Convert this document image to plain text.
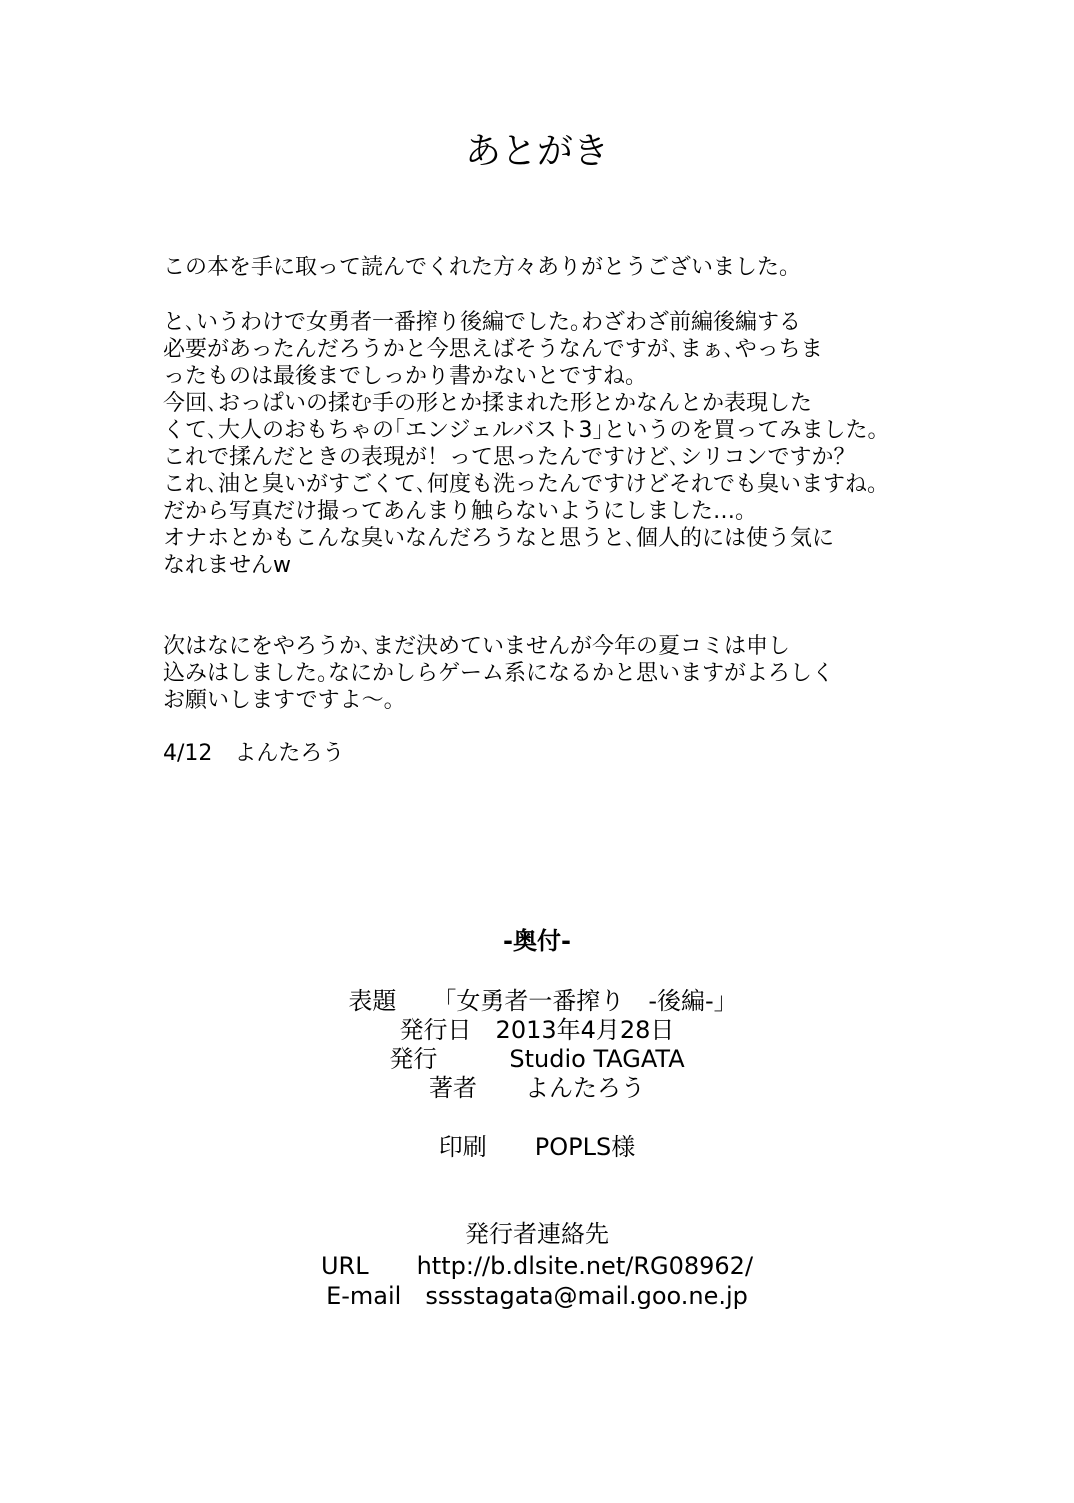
あとがき

この本を手に取って読んでくれた方々ありがとうございました。

と､いうわけで女勇者一番搾り後編でした｡わざわざ前編後編する

必要があったんだろうかと今思えばそうなんですが､まぁ､やっちま

ったものは最後までしっかり書かないとですね。

今回､おっぱいの揉む手の形とか揉まれた形とかなんとか表現した

くて､大人のおもちゃの｢エンジェルバスト3｣というのを買ってみました。

これで揉んだときの表現が！って思ったんですけど､シリコンですか？

これ､油と臭いがすごくて､何度も洗ったんですけどそれでも臭いますね。

だから写真だけ撮ってあんまり触らないようにしました…。

オナホとかもこんな臭いなんだろうなと思うと､個人的には使う気に

なれませんw

次はなにをやろうか､まだ決めていませんが今年の夏コミは申し

込みはしました｡なにかしらゲーム系になるかと思いますがよろしく

お願いしますですよ～。

4/12　よんたろう

-奥付-
表題　　 ｢女勇者一番搾り　-後編-｣
発行日　 2013年4月28日
発行　　　	Studio TAGATA
著者　　 よんたろう
印刷　　 POPLS様
発行者連絡先
URL　　 http://b.dlsite.net/RG08962/
E-mail　 sssstagata@mail.goo.ne.jp
